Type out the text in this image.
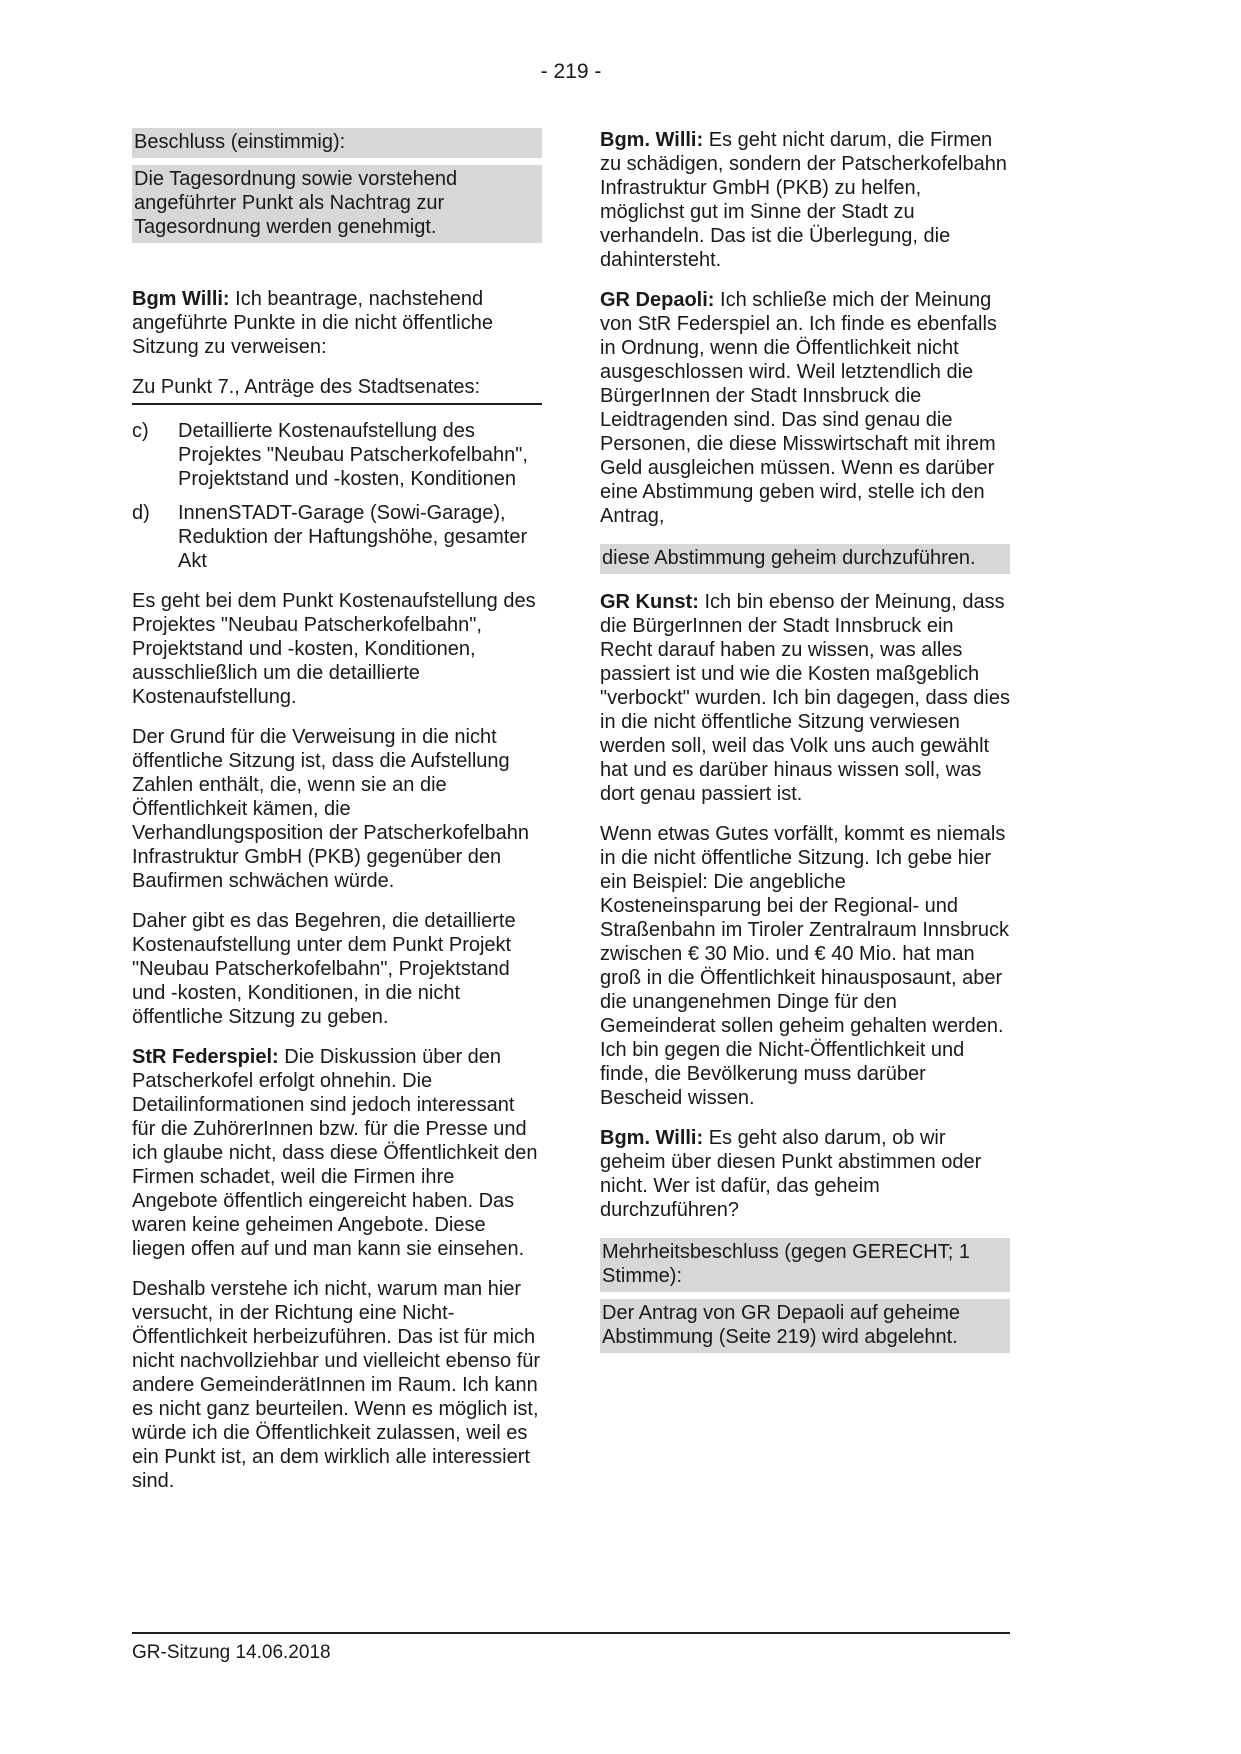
- 219 -

Beschluss (einstimmig):

Die Tagesordnung sowie vorstehend angeführter Punkt als Nachtrag zur Tagesordnung werden genehmigt.

Bgm Willi: Ich beantrage, nachstehend angeführte Punkte in die nicht öffentliche Sitzung zu verweisen:

Zu Punkt 7., Anträge des Stadtsenates:

c)	Detaillierte Kostenaufstellung des Projektes "Neubau Patscherkofelbahn", Projektstand und -kosten, Konditionen
d)	InnenSTADT-Garage (Sowi-Garage), Reduktion der Haftungshöhe, gesamter Akt

Es geht bei dem Punkt Kostenaufstellung des Projektes "Neubau Patscherkofelbahn", Projektstand und -kosten, Konditionen, ausschließlich um die detaillierte Kostenaufstellung.

Der Grund für die Verweisung in die nicht öffentliche Sitzung ist, dass die Aufstellung Zahlen enthält, die, wenn sie an die Öffentlichkeit kämen, die Verhandlungsposition der Patscherkofelbahn Infrastruktur GmbH (PKB) gegenüber den Baufirmen schwächen würde.

Daher gibt es das Begehren, die detaillierte Kostenaufstellung unter dem Punkt Projekt "Neubau Patscherkofelbahn", Projektstand und -kosten, Konditionen, in die nicht öffentliche Sitzung zu geben.

StR Federspiel: Die Diskussion über den Patscherkofel erfolgt ohnehin. Die Detailinformationen sind jedoch interessant für die ZuhörerInnen bzw. für die Presse und ich glaube nicht, dass diese Öffentlichkeit den Firmen schadet, weil die Firmen ihre Angebote öffentlich eingereicht haben. Das waren keine geheimen Angebote. Diese liegen offen auf und man kann sie einsehen.

Deshalb verstehe ich nicht, warum man hier versucht, in der Richtung eine Nicht-Öffentlichkeit herbeizuführen. Das ist für mich nicht nachvollziehbar und vielleicht ebenso für andere GemeinderätInnen im Raum. Ich kann es nicht ganz beurteilen. Wenn es möglich ist, würde ich die Öffentlichkeit zulassen, weil es ein Punkt ist, an dem wirklich alle interessiert sind.

Bgm. Willi: Es geht nicht darum, die Firmen zu schädigen, sondern der Patscherkofelbahn Infrastruktur GmbH (PKB) zu helfen, möglichst gut im Sinne der Stadt zu verhandeln. Das ist die Überlegung, die dahintersteht.

GR Depaoli: Ich schließe mich der Meinung von StR Federspiel an. Ich finde es ebenfalls in Ordnung, wenn die Öffentlichkeit nicht ausgeschlossen wird. Weil letztendlich die BürgerInnen der Stadt Innsbruck die Leidtragenden sind. Das sind genau die Personen, die diese Misswirtschaft mit ihrem Geld ausgleichen müssen. Wenn es darüber eine Abstimmung geben wird, stelle ich den Antrag,

diese Abstimmung geheim durchzuführen.

GR Kunst: Ich bin ebenso der Meinung, dass die BürgerInnen der Stadt Innsbruck ein Recht darauf haben zu wissen, was alles passiert ist und wie die Kosten maßgeblich "verbockt" wurden. Ich bin dagegen, dass dies in die nicht öffentliche Sitzung verwiesen werden soll, weil das Volk uns auch gewählt hat und es darüber hinaus wissen soll, was dort genau passiert ist.

Wenn etwas Gutes vorfällt, kommt es niemals in die nicht öffentliche Sitzung. Ich gebe hier ein Beispiel: Die angebliche Kosteneinsparung bei der Regional- und Straßenbahn im Tiroler Zentralraum Innsbruck zwischen € 30 Mio. und € 40 Mio. hat man groß in die Öffentlichkeit hinausposaunt, aber die unangenehmen Dinge für den Gemeinderat sollen geheim gehalten werden. Ich bin gegen die Nicht-Öffentlichkeit und finde, die Bevölkerung muss darüber Bescheid wissen.

Bgm. Willi: Es geht also darum, ob wir geheim über diesen Punkt abstimmen oder nicht. Wer ist dafür, das geheim durchzuführen?

Mehrheitsbeschluss (gegen GERECHT; 1 Stimme):

Der Antrag von GR Depaoli auf geheime Abstimmung (Seite 219) wird abgelehnt.

GR-Sitzung 14.06.2018
